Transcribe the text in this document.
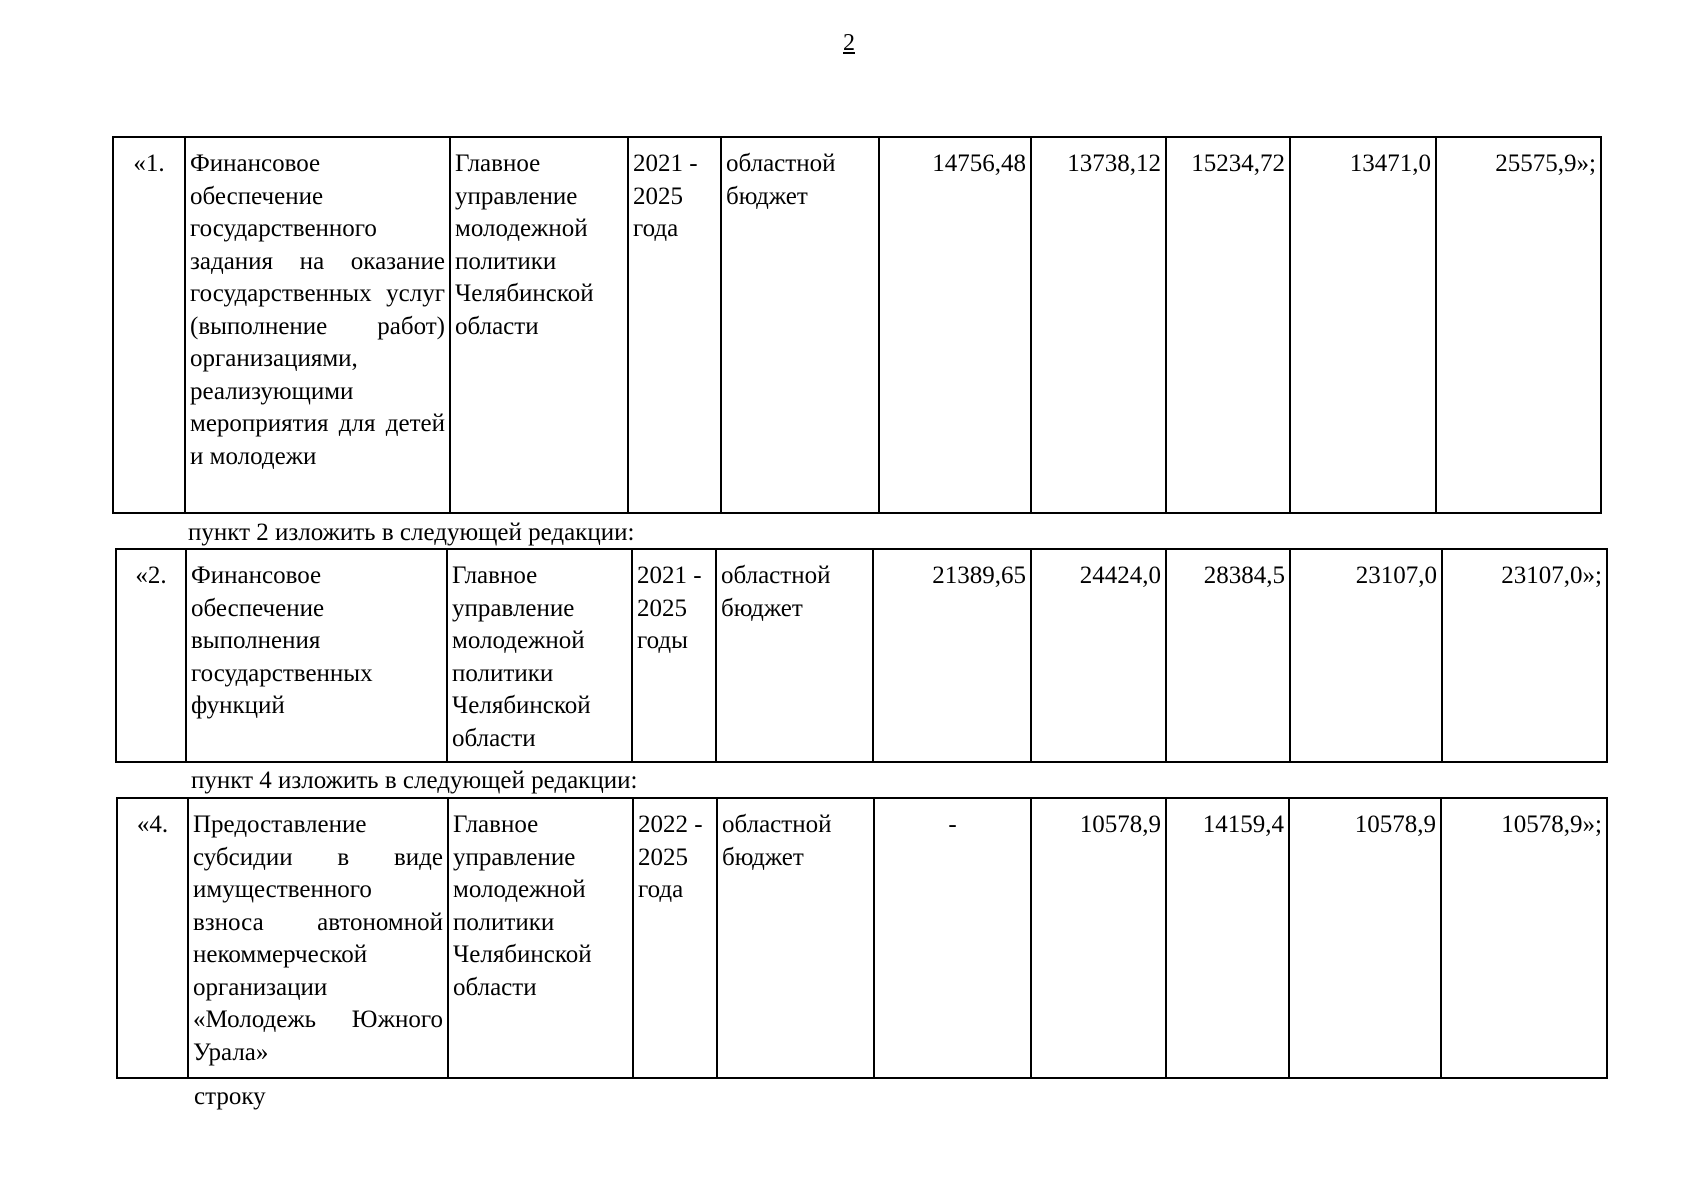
2
«1.	Финансовое обеспечение государственного задания на оказание государственных услуг (выполнение работ) организациями, реализующими мероприятия для детей и молодежи	Главное управление молодежной политики Челябинской области	2021 - 2025 года	областной бюджет	14756,48	13738,12	15234,72	13471,0	25575,9»;
пункт 2 изложить в следующей редакции:
«2.	Финансовое обеспечение выполнения государственных функций	Главное управление молодежной политики Челябинской области	2021 - 2025 годы	областной бюджет	21389,65	24424,0	28384,5	23107,0	23107,0»;
пункт 4 изложить в следующей редакции:
«4.	Предоставление субсидии в виде имущественного взноса автономной некоммерческой организации «Молодежь Южного Урала»	Главное управление молодежной политики Челябинской области	2022 - 2025 года	областной бюджет	-	10578,9	14159,4	10578,9	10578,9»;
строку
